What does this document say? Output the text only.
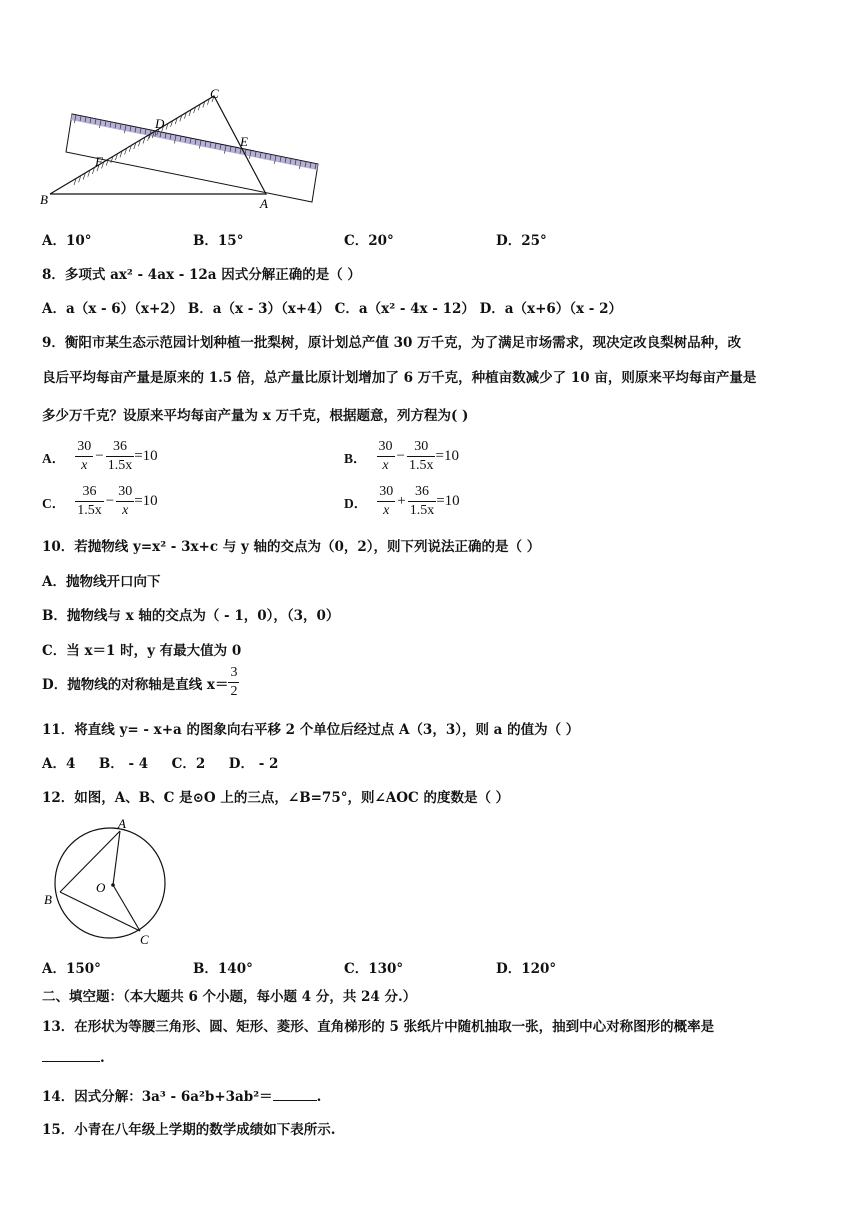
C
D
E
F
B	A
A．10°	B．15°	C．20°	D．25°
8．多项式 ax² - 4ax - 12a 因式分解正确的是（ ）
A．a（x - 6）（x+2） B．a（x - 3）（x+4） C．a（x² - 4x - 12） D．a（x+6）（x - 2）
9．衡阳市某生态示范园计划种植一批梨树，原计划总产值 30 万千克，为了满足市场需求，现决定改良梨树品种，改
良后平均每亩产量是原来的 1.5 倍，总产量比原计划增加了 6 万千克，种植亩数减少了 10 亩，则原来平均每亩产量是
多少万千克？设原来平均每亩产量为 x 万千克，根据题意，列方程为( )
A． $\frac{30}{x} - \frac{36}{1.5x} =10$	B． $\frac{30}{x} - \frac{30}{1.5x} =10$
C． $\frac{36}{1.5x} - \frac{30}{x} =10$	D． $\frac{30}{x} + \frac{36}{1.5x} =10$
10．若抛物线 y=x² - 3x+c 与 y 轴的交点为（0，2），则下列说法正确的是（ ）
A．抛物线开口向下
B．抛物线与 x 轴的交点为（ - 1，0），（3，0）
C．当 x＝1 时，y 有最大值为 0
D．抛物线的对称轴是直线 $x= \frac{3}{2}$
11．将直线 y= - x+a 的图象向右平移 2 个单位后经过点 A（3，3），则 a 的值为（ ）
A．4     B． - 4     C．2     D． - 2
12．如图，A、B、C 是⊙O 上的三点，∠B=75°，则∠AOC 的度数是（ ）
A
B
C
O
A．150°	B．140°	C．130°	D．120°
二、填空题：（本大题共 6 个小题，每小题 4 分，共 24 分.）
13．在形状为等腰三角形、圆、矩形、菱形、直角梯形的 5 张纸片中随机抽取一张，抽到中心对称图形的概率是
.
14．因式分解：3a³ - 6a²b+3ab²＝	.
15．小青在八年级上学期的数学成绩如下表所示.
